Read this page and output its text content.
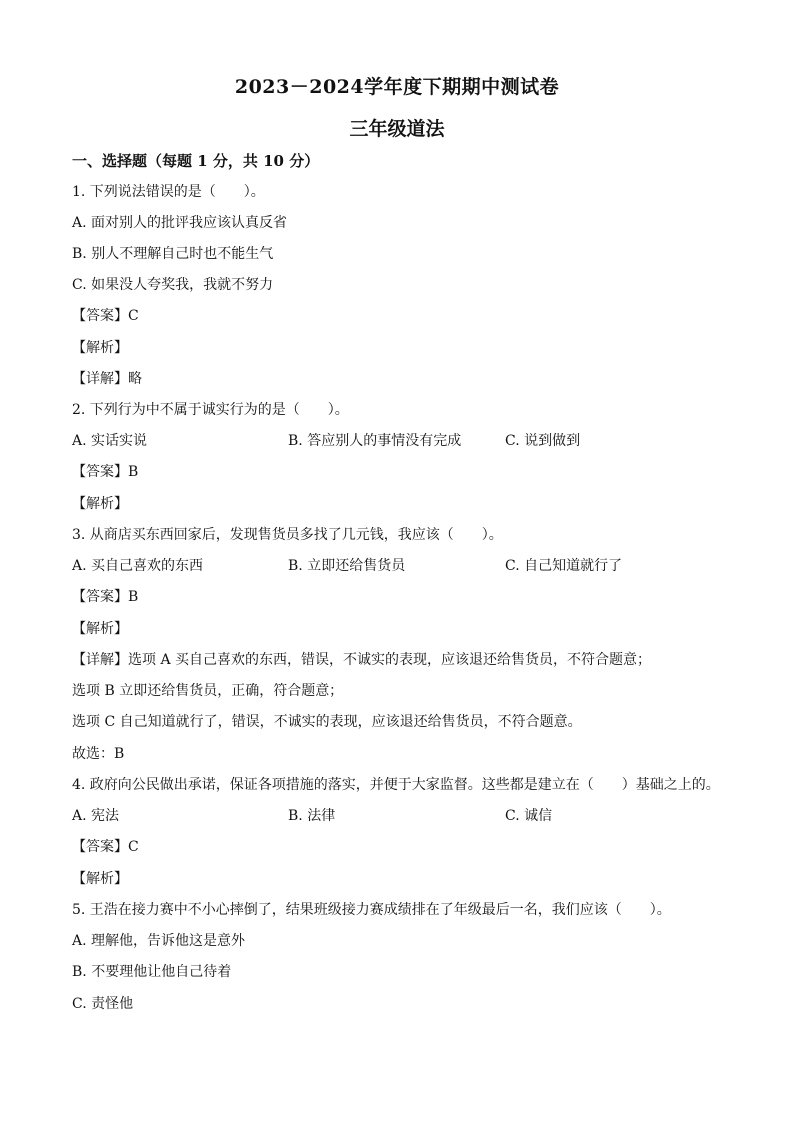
2023－2024学年度下期期中测试卷
三年级道法
一、选择题（每题 1 分，共 10 分）
1. 下列说法错误的是（　　）。
A. 面对别人的批评我应该认真反省
B. 别人不理解自己时也不能生气
C. 如果没人夸奖我，我就不努力
【答案】C
【解析】
【详解】略
2. 下列行为中不属于诚实行为的是（　　）。
A. 实话实说	B. 答应别人的事情没有完成	C. 说到做到
【答案】B
【解析】
3. 从商店买东西回家后，发现售货员多找了几元钱，我应该（　　）。
A. 买自己喜欢的东西	B. 立即还给售货员	C. 自己知道就行了
【答案】B
【解析】
【详解】选项 A 买自己喜欢的东西，错误，不诚实的表现，应该退还给售货员，不符合题意；
选项 B 立即还给售货员，正确，符合题意；
选项 C 自己知道就行了，错误，不诚实的表现，应该退还给售货员，不符合题意。
故选：B
4. 政府向公民做出承诺，保证各项措施的落实，并便于大家监督。这些都是建立在（　　）基础之上的。
A. 宪法	B. 法律	C. 诚信
【答案】C
【解析】
5. 王浩在接力赛中不小心摔倒了，结果班级接力赛成绩排在了年级最后一名，我们应该（　　）。
A. 理解他，告诉他这是意外
B. 不要理他让他自己待着
C. 责怪他
